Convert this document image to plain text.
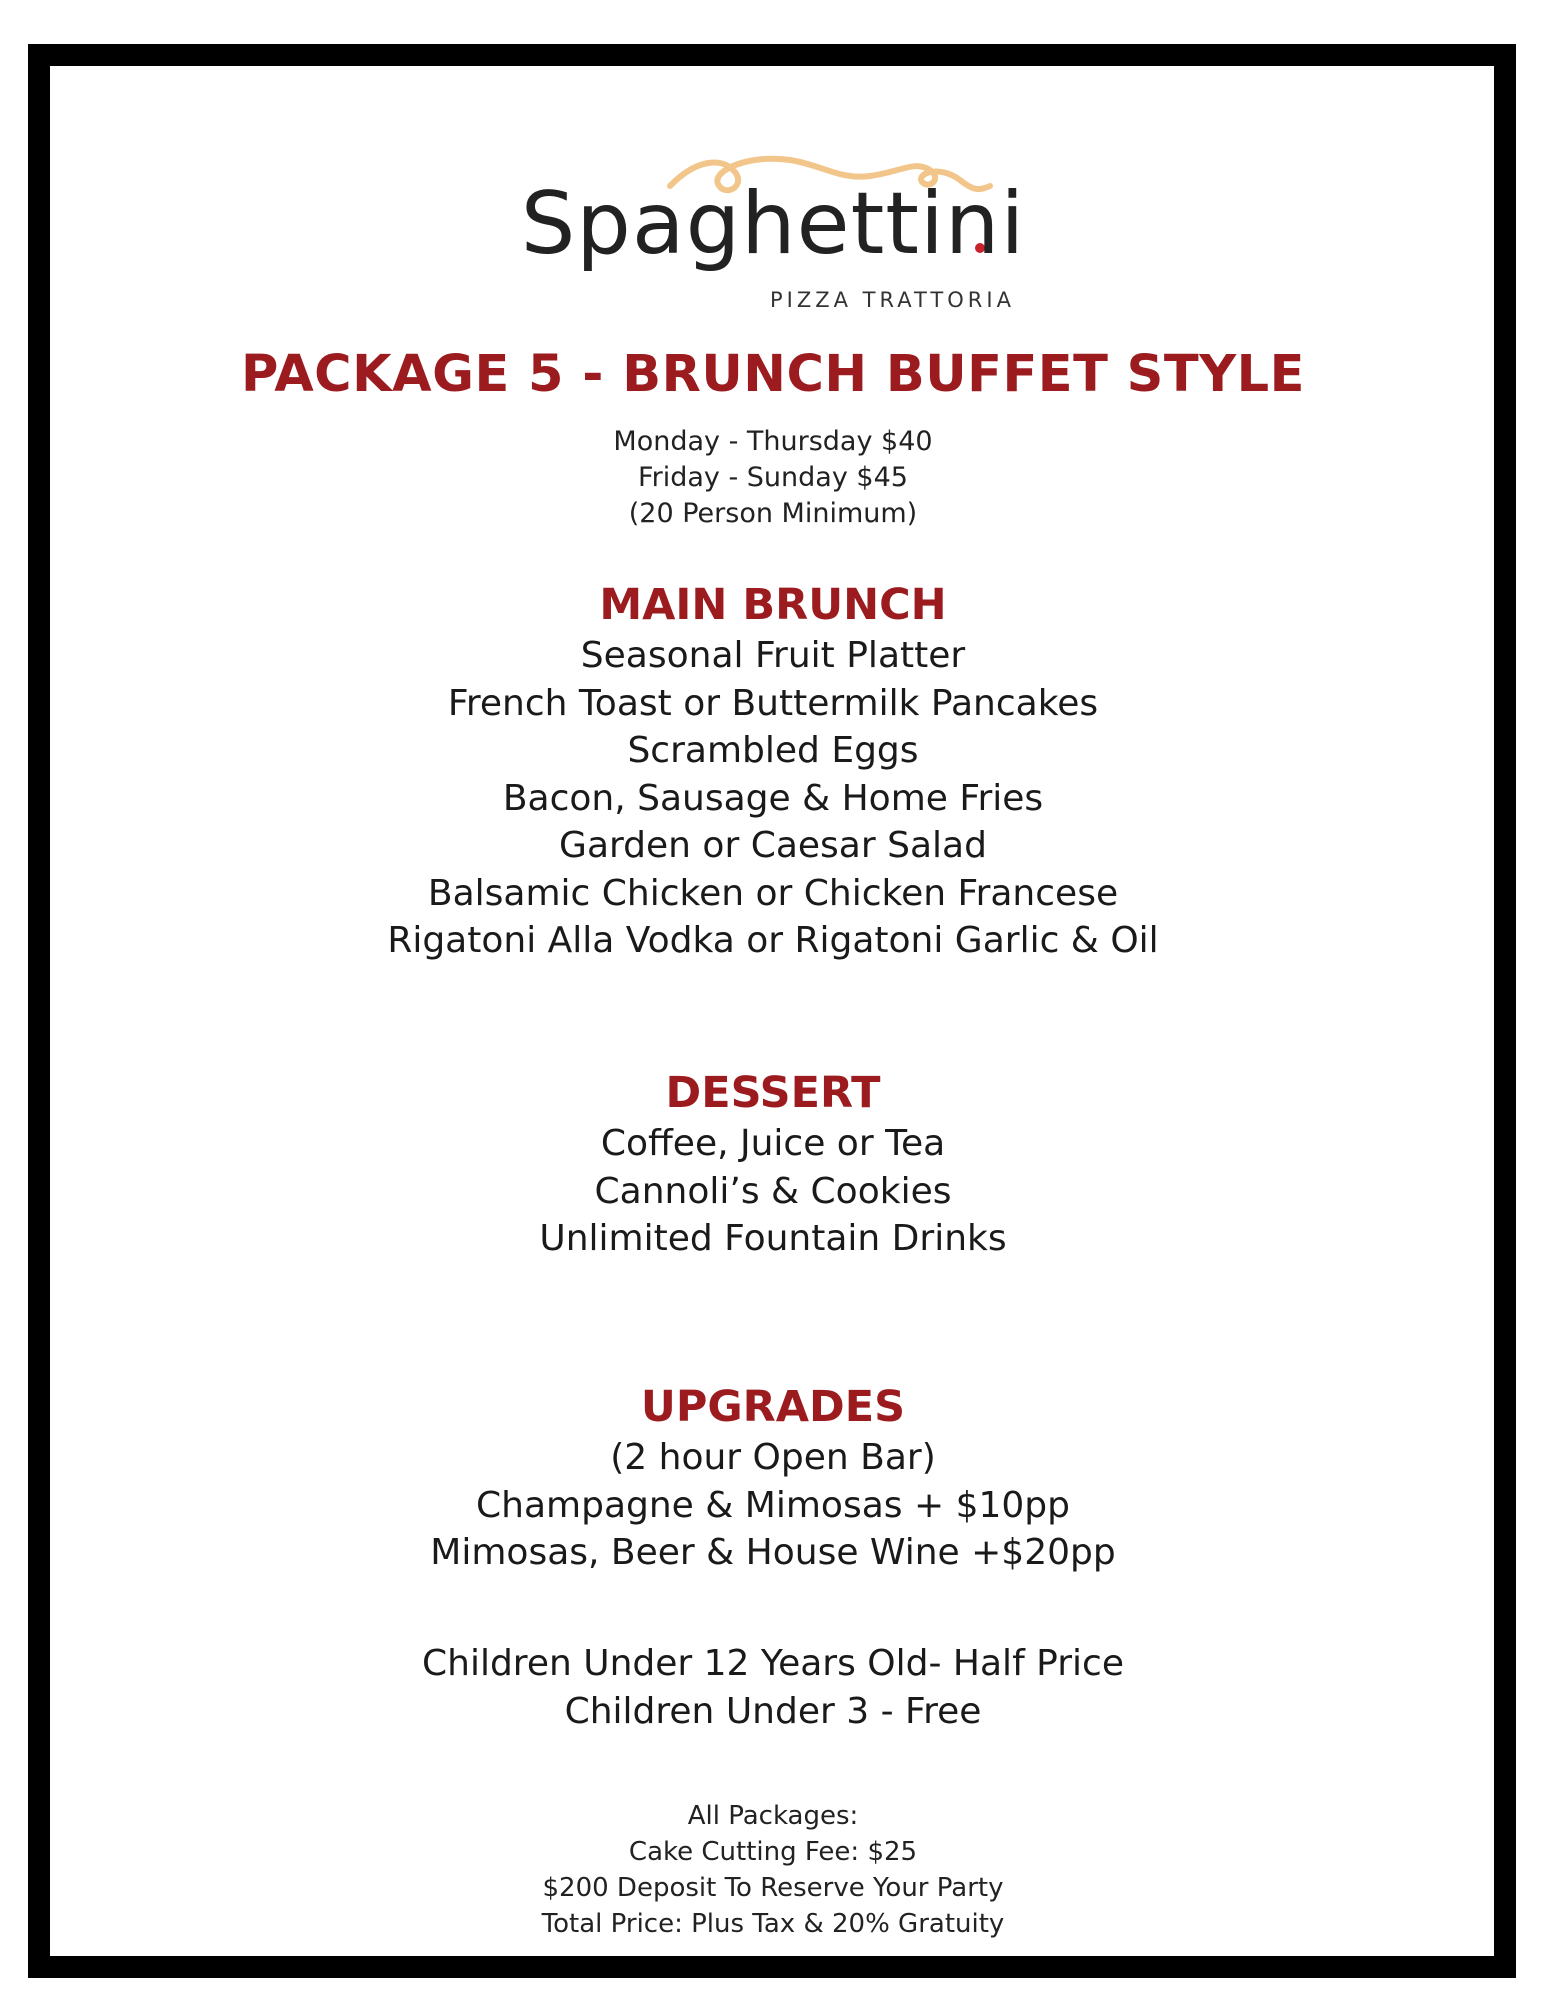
Spaghettini
PIZZA TRATTORIA
PACKAGE 5 - BRUNCH BUFFET STYLE
Monday - Thursday $40
Friday - Sunday $45
(20 Person Minimum)
MAIN BRUNCH
Seasonal Fruit Platter
French Toast or Buttermilk Pancakes
Scrambled Eggs
Bacon, Sausage & Home Fries
Garden or Caesar Salad
Balsamic Chicken or Chicken Francese
Rigatoni Alla Vodka or Rigatoni Garlic & Oil
DESSERT
Coffee, Juice or Tea
Cannoli’s & Cookies
Unlimited Fountain Drinks
UPGRADES
(2 hour Open Bar)
Champagne & Mimosas + $10pp
Mimosas, Beer & House Wine +$20pp
Children Under 12 Years Old- Half Price
Children Under 3 - Free
All Packages:
Cake Cutting Fee: $25
$200 Deposit To Reserve Your Party
Total Price: Plus Tax & 20% Gratuity
